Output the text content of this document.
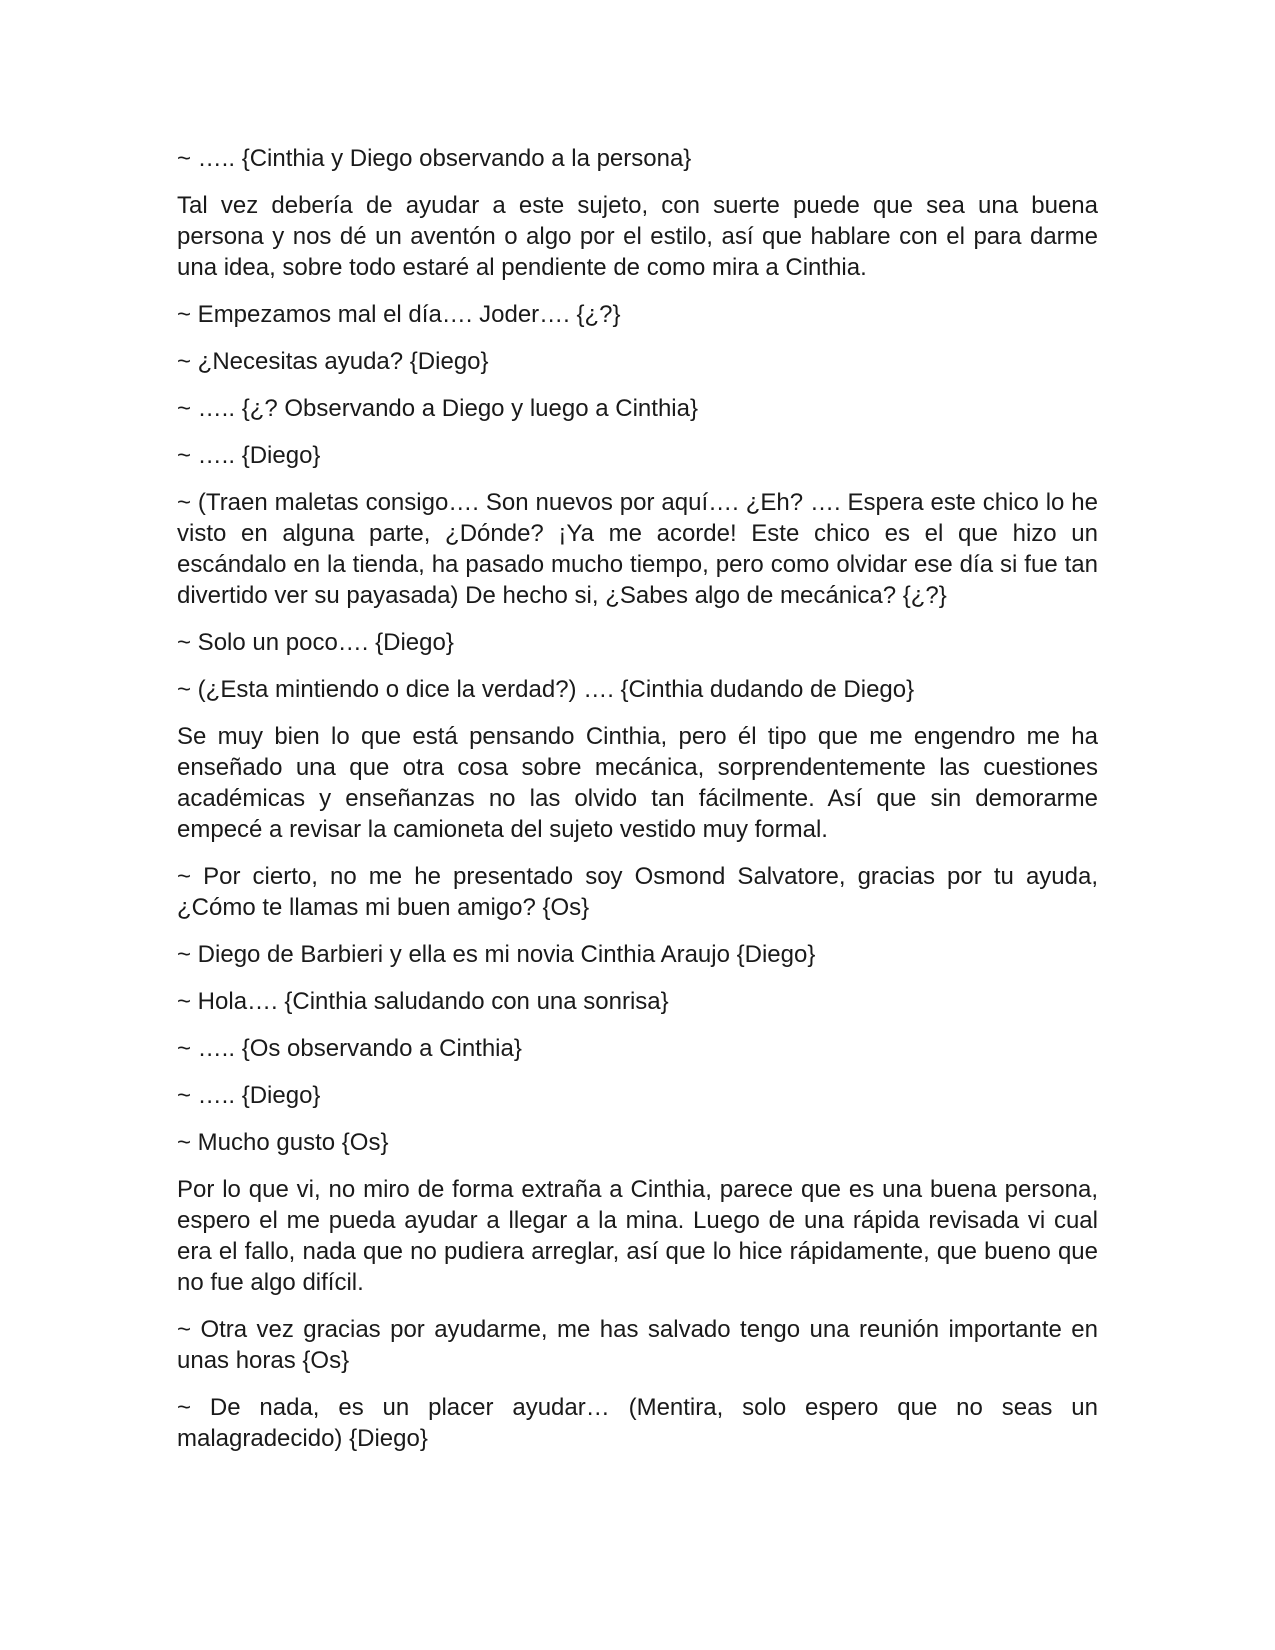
~ ….. {Cinthia y Diego observando a la persona}

Tal vez debería de ayudar a este sujeto, con suerte puede que sea una buena persona y nos dé un aventón o algo por el estilo, así que hablare con el para darme una idea, sobre todo estaré al pendiente de como mira a Cinthia.

~ Empezamos mal el día…. Joder…. {¿?}

~ ¿Necesitas ayuda? {Diego}

~ ….. {¿? Observando a Diego y luego a Cinthia}

~ ….. {Diego}

~ (Traen maletas consigo…. Son nuevos por aquí…. ¿Eh? …. Espera este chico lo he visto en alguna parte, ¿Dónde? ¡Ya me acorde! Este chico es el que hizo un escándalo en la tienda, ha pasado mucho tiempo, pero como olvidar ese día si fue tan divertido ver su payasada) De hecho si, ¿Sabes algo de mecánica? {¿?}

~ Solo un poco…. {Diego}

~ (¿Esta mintiendo o dice la verdad?) …. {Cinthia dudando de Diego}

Se muy bien lo que está pensando Cinthia, pero él tipo que me engendro me ha enseñado una que otra cosa sobre mecánica, sorprendentemente las cuestiones académicas y enseñanzas no las olvido tan fácilmente. Así que sin demorarme empecé a revisar la camioneta del sujeto vestido muy formal.

~ Por cierto, no me he presentado soy Osmond Salvatore, gracias por tu ayuda, ¿Cómo te llamas mi buen amigo? {Os}

~ Diego de Barbieri y ella es mi novia Cinthia Araujo {Diego}

~ Hola…. {Cinthia saludando con una sonrisa}

~ ….. {Os observando a Cinthia}

~ ….. {Diego}

~ Mucho gusto {Os}

Por lo que vi, no miro de forma extraña a Cinthia, parece que es una buena persona, espero el me pueda ayudar a llegar a la mina. Luego de una rápida revisada vi cual era el fallo, nada que no pudiera arreglar, así que lo hice rápidamente, que bueno que no fue algo difícil.

~ Otra vez gracias por ayudarme, me has salvado tengo una reunión importante en unas horas {Os}

~ De nada, es un placer ayudar… (Mentira, solo espero que no seas un malagradecido) {Diego}
